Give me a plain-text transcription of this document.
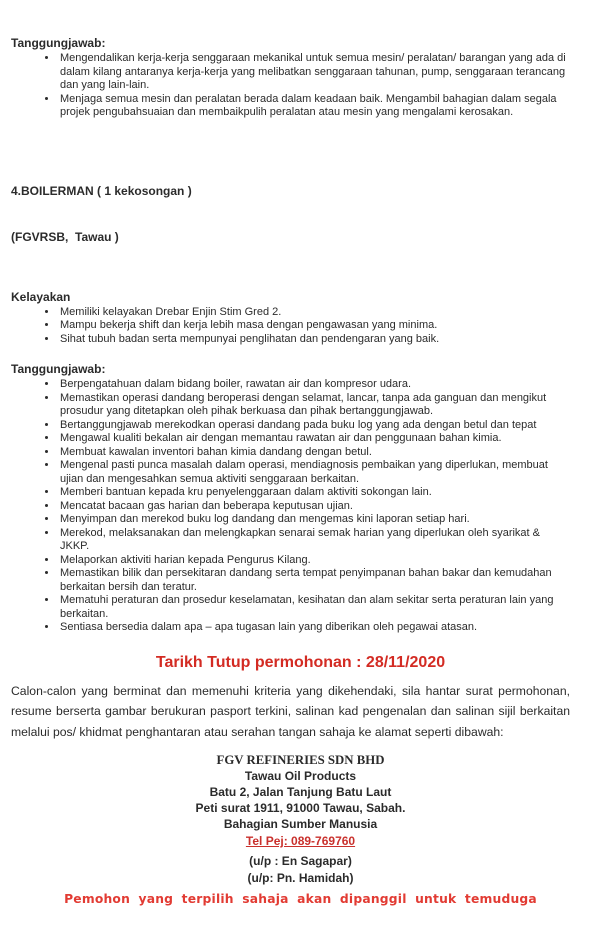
Tanggungjawab:
• Mengendalikan kerja-kerja senggaraan mekanikal untuk semua mesin/ peralatan/ barangan yang ada di dalam kilang antaranya kerja-kerja yang melibatkan senggaraan tahunan, pump, senggaraan terancang dan yang lain-lain.
• Menjaga semua mesin dan peralatan berada dalam keadaan baik. Mengambil bahagian dalam segala projek pengubahsuaian dan membaikpulih peralatan atau mesin yang mengalami kerosakan.

4.BOILERMAN ( 1 kekosongan )

(FGVRSB,  Tawau )

Kelayakan
• Memiliki kelayakan Drebar Enjin Stim Gred 2.
• Mampu bekerja shift dan kerja lebih masa dengan pengawasan yang minima.
• Sihat tubuh badan serta mempunyai penglihatan dan pendengaran yang baik.
Tanggungjawab:
• Berpengatahuan dalam bidang boiler, rawatan air dan kompresor udara.
• Memastikan operasi dandang beroperasi dengan selamat, lancar, tanpa ada ganguan dan mengikut prosudur yang ditetapkan oleh pihak berkuasa dan pihak bertanggungjawab.
• Bertanggungjawab merekodkan operasi dandang pada buku log yang ada dengan betul dan tepat
• Mengawal kualiti bekalan air dengan memantau rawatan air dan penggunaan bahan kimia.
• Membuat kawalan inventori bahan kimia dandang dengan betul.
• Mengenal pasti punca masalah dalam operasi, mendiagnosis pembaikan yang diperlukan, membuat ujian dan mengesahkan semua aktiviti senggaraan berkaitan.
• Memberi bantuan kepada kru penyelenggaraan dalam aktiviti sokongan lain.
• Mencatat bacaan gas harian dan beberapa keputusan ujian.
• Menyimpan dan merekod buku log dandang dan mengemas kini laporan setiap hari.
• Merekod, melaksanakan dan melengkapkan senarai semak harian yang diperlukan oleh syarikat & JKKP.
• Melaporkan aktiviti harian kepada Pengurus Kilang.
• Memastikan bilik dan persekitaran dandang serta tempat penyimpanan bahan bakar dan kemudahan berkaitan bersih dan teratur.
• Mematuhi peraturan dan prosedur keselamatan, kesihatan dan alam sekitar serta peraturan lain yang berkaitan.
• Sentiasa bersedia dalam apa – apa tugasan lain yang diberikan oleh pegawai atasan.
Tarikh Tutup permohonan : 28/11/2020

Calon-calon yang berminat dan memenuhi kriteria yang dikehendaki, sila hantar surat permohonan, resume berserta gambar berukuran pasport terkini, salinan kad pengenalan dan salinan sijil berkaitan melalui pos/ khidmat penghantaran atau serahan tangan sahaja ke alamat seperti dibawah:

FGV REFINERIES SDN BHD
Tawau Oil Products
Batu 2, Jalan Tanjung Batu Laut
Peti surat 1911, 91000 Tawau, Sabah.
Bahagian Sumber Manusia
Tel Pej: 089-769760
(u/p : En Sagapar)
(u/p: Pn. Hamidah)
Pemohon yang terpilih sahaja akan dipanggil untuk temuduga
